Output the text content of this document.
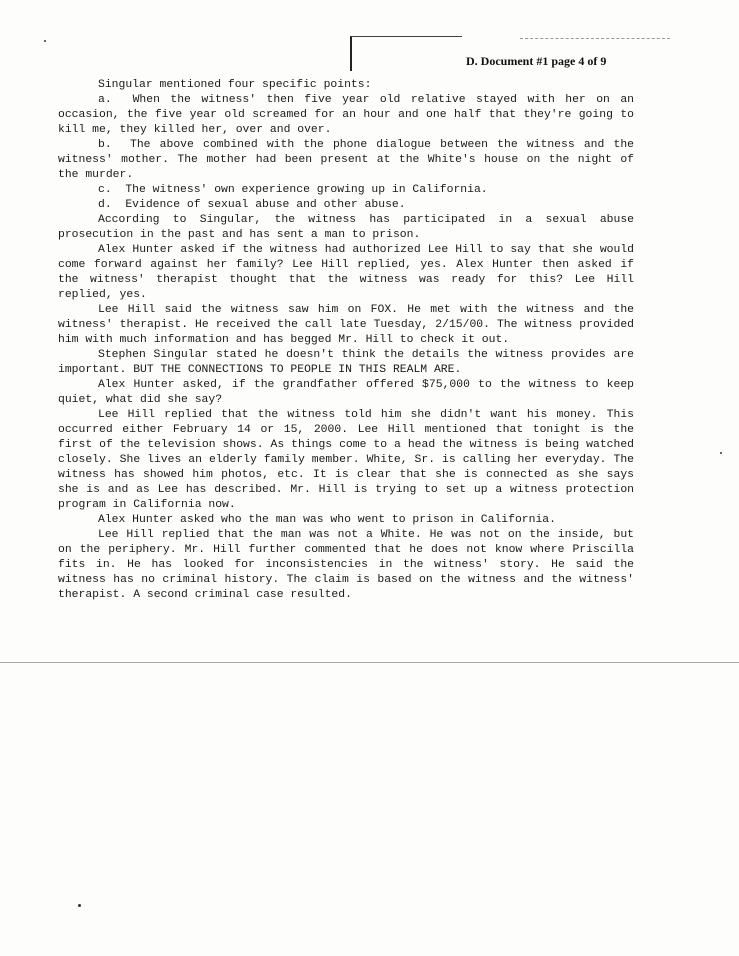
D. Document #1 page 4 of 9

Singular mentioned four specific points:

a. When the witness' then five year old relative stayed with her on an occasion, the five year old screamed for an hour and one half that they're going to kill me, they killed her, over and over.

b. The above combined with the phone dialogue between the witness and the witness' mother. The mother had been present at the White's house on the night of the murder.

c. The witness' own experience growing up in California.

d. Evidence of sexual abuse and other abuse.

According to Singular, the witness has participated in a sexual abuse prosecution in the past and has sent a man to prison.

Alex Hunter asked if the witness had authorized Lee Hill to say that she would come forward against her family? Lee Hill replied, yes. Alex Hunter then asked if the witness' therapist thought that the witness was ready for this? Lee Hill replied, yes.

Lee Hill said the witness saw him on FOX. He met with the witness and the witness' therapist. He received the call late Tuesday, 2/15/00. The witness provided him with much information and has begged Mr. Hill to check it out.

Stephen Singular stated he doesn't think the details the witness provides are important. BUT THE CONNECTIONS TO PEOPLE IN THIS REALM ARE.

Alex Hunter asked, if the grandfather offered $75,000 to the witness to keep quiet, what did she say?

Lee Hill replied that the witness told him she didn't want his money. This occurred either February 14 or 15, 2000. Lee Hill mentioned that tonight is the first of the television shows. As things come to a head the witness is being watched closely. She lives an elderly family member. White, Sr. is calling her everyday. The witness has showed him photos, etc. It is clear that she is connected as she says she is and as Lee has described. Mr. Hill is trying to set up a witness protection program in California now.

Alex Hunter asked who the man was who went to prison in California.

Lee Hill replied that the man was not a White. He was not on the inside, but on the periphery. Mr. Hill further commented that he does not know where Priscilla fits in. He has looked for inconsistencies in the witness' story. He said the witness has no criminal history. The claim is based on the witness and the witness' therapist. A second criminal case resulted.
